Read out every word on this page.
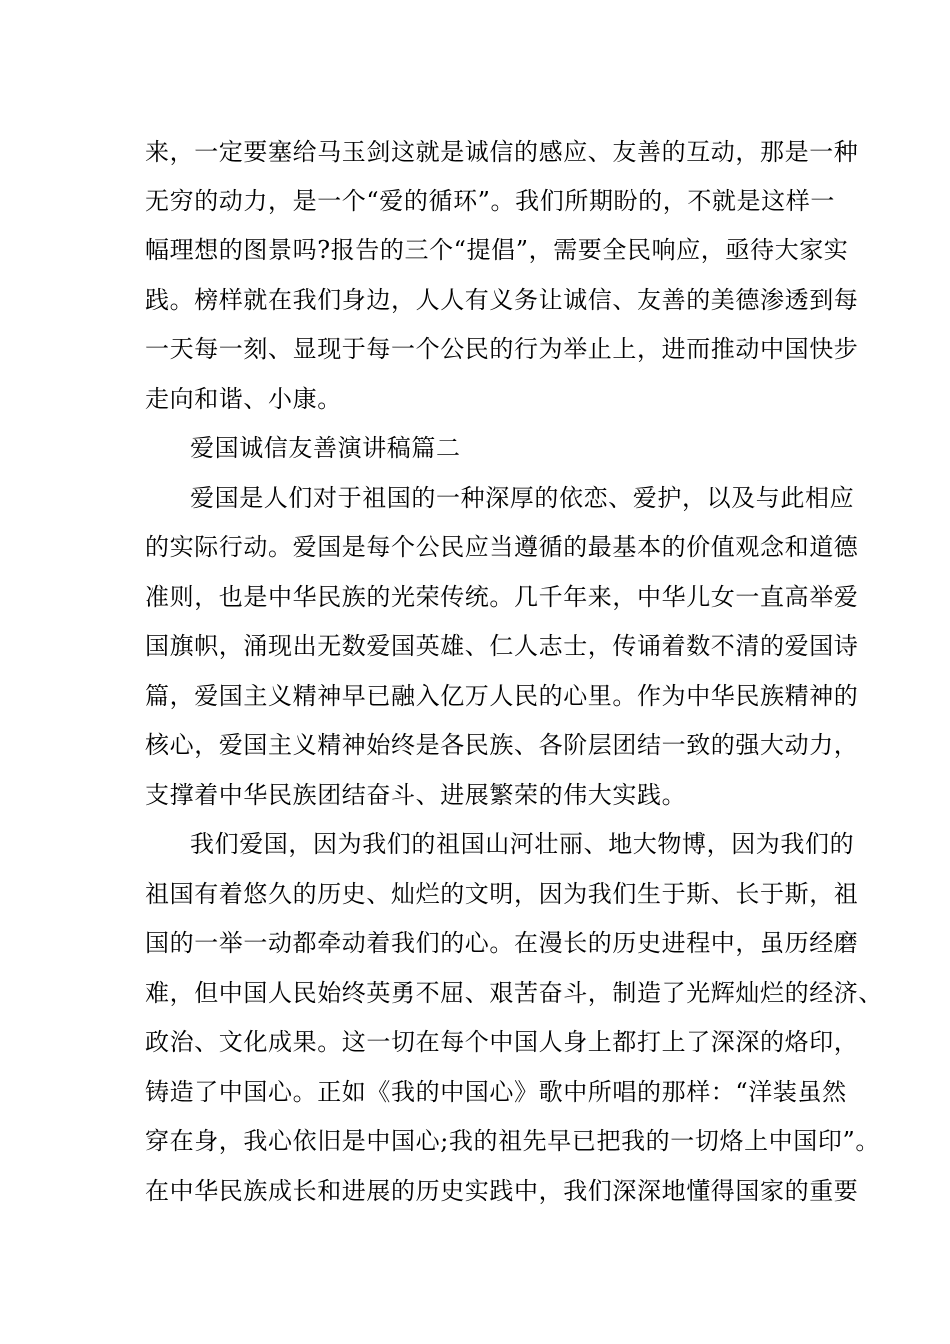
来，一定要塞给马玉剑这就是诚信的感应、友善的互动，那是一种
无穷的动力，是一个“爱的循环”。我们所期盼的，不就是这样一
幅理想的图景吗?报告的三个“提倡”，需要全民响应，亟待大家实
践。榜样就在我们身边，人人有义务让诚信、友善的美德渗透到每
一天每一刻、显现于每一个公民的行为举止上，进而推动中国快步
走向和谐、小康。
爱国诚信友善演讲稿篇二
爱国是人们对于祖国的一种深厚的依恋、爱护，以及与此相应
的实际行动。爱国是每个公民应当遵循的最基本的价值观念和道德
准则，也是中华民族的光荣传统。几千年来，中华儿女一直高举爱
国旗帜，涌现出无数爱国英雄、仁人志士，传诵着数不清的爱国诗
篇，爱国主义精神早已融入亿万人民的心里。作为中华民族精神的
核心，爱国主义精神始终是各民族、各阶层团结一致的强大动力，
支撑着中华民族团结奋斗、进展繁荣的伟大实践。
我们爱国，因为我们的祖国山河壮丽、地大物博，因为我们的
祖国有着悠久的历史、灿烂的文明，因为我们生于斯、长于斯，祖
国的一举一动都牵动着我们的心。在漫长的历史进程中，虽历经磨
难，但中国人民始终英勇不屈、艰苦奋斗，制造了光辉灿烂的经济、
政治、文化成果。这一切在每个中国人身上都打上了深深的烙印，
铸造了中国心。正如《我的中国心》歌中所唱的那样：“洋装虽然
穿在身，我心依旧是中国心;我的祖先早已把我的一切烙上中国印”。
在中华民族成长和进展的历史实践中，我们深深地懂得国家的重要
